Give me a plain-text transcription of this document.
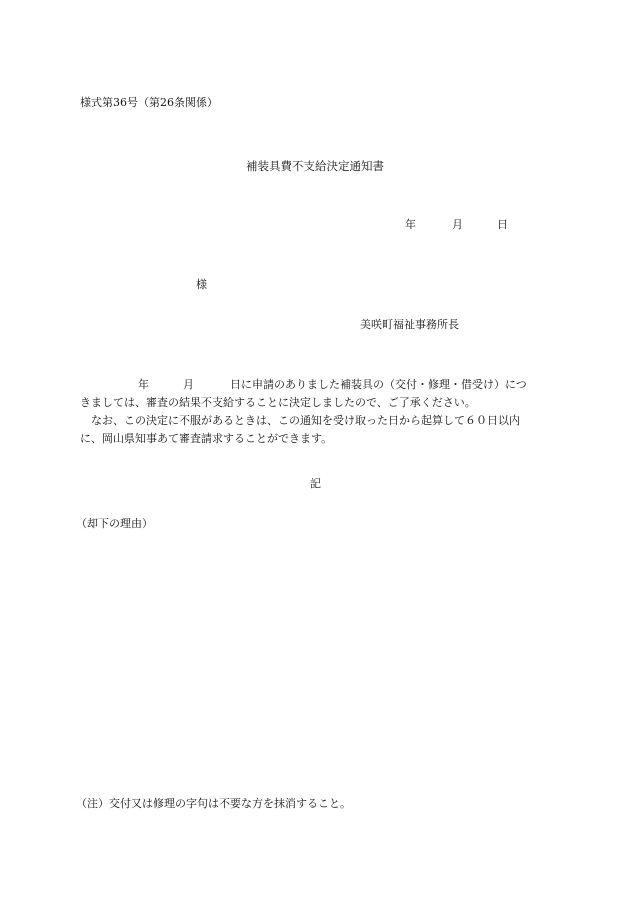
様式第36号（第26条関係）
補装具費不支給決定通知書
年	月	日
様
美咲町福祉事務所長
年	月	日に申請のありました補装具の（交付・修理・借受け）につ
きましては、審査の結果不支給することに決定しましたので、ご了承ください。
なお、この決定に不服があるときは、この通知を受け取った日から起算して６０日以内
に、岡山県知事あて審査請求することができます。
記
（却下の理由）
（注）交付又は修理の字句は不要な方を抹消すること。
